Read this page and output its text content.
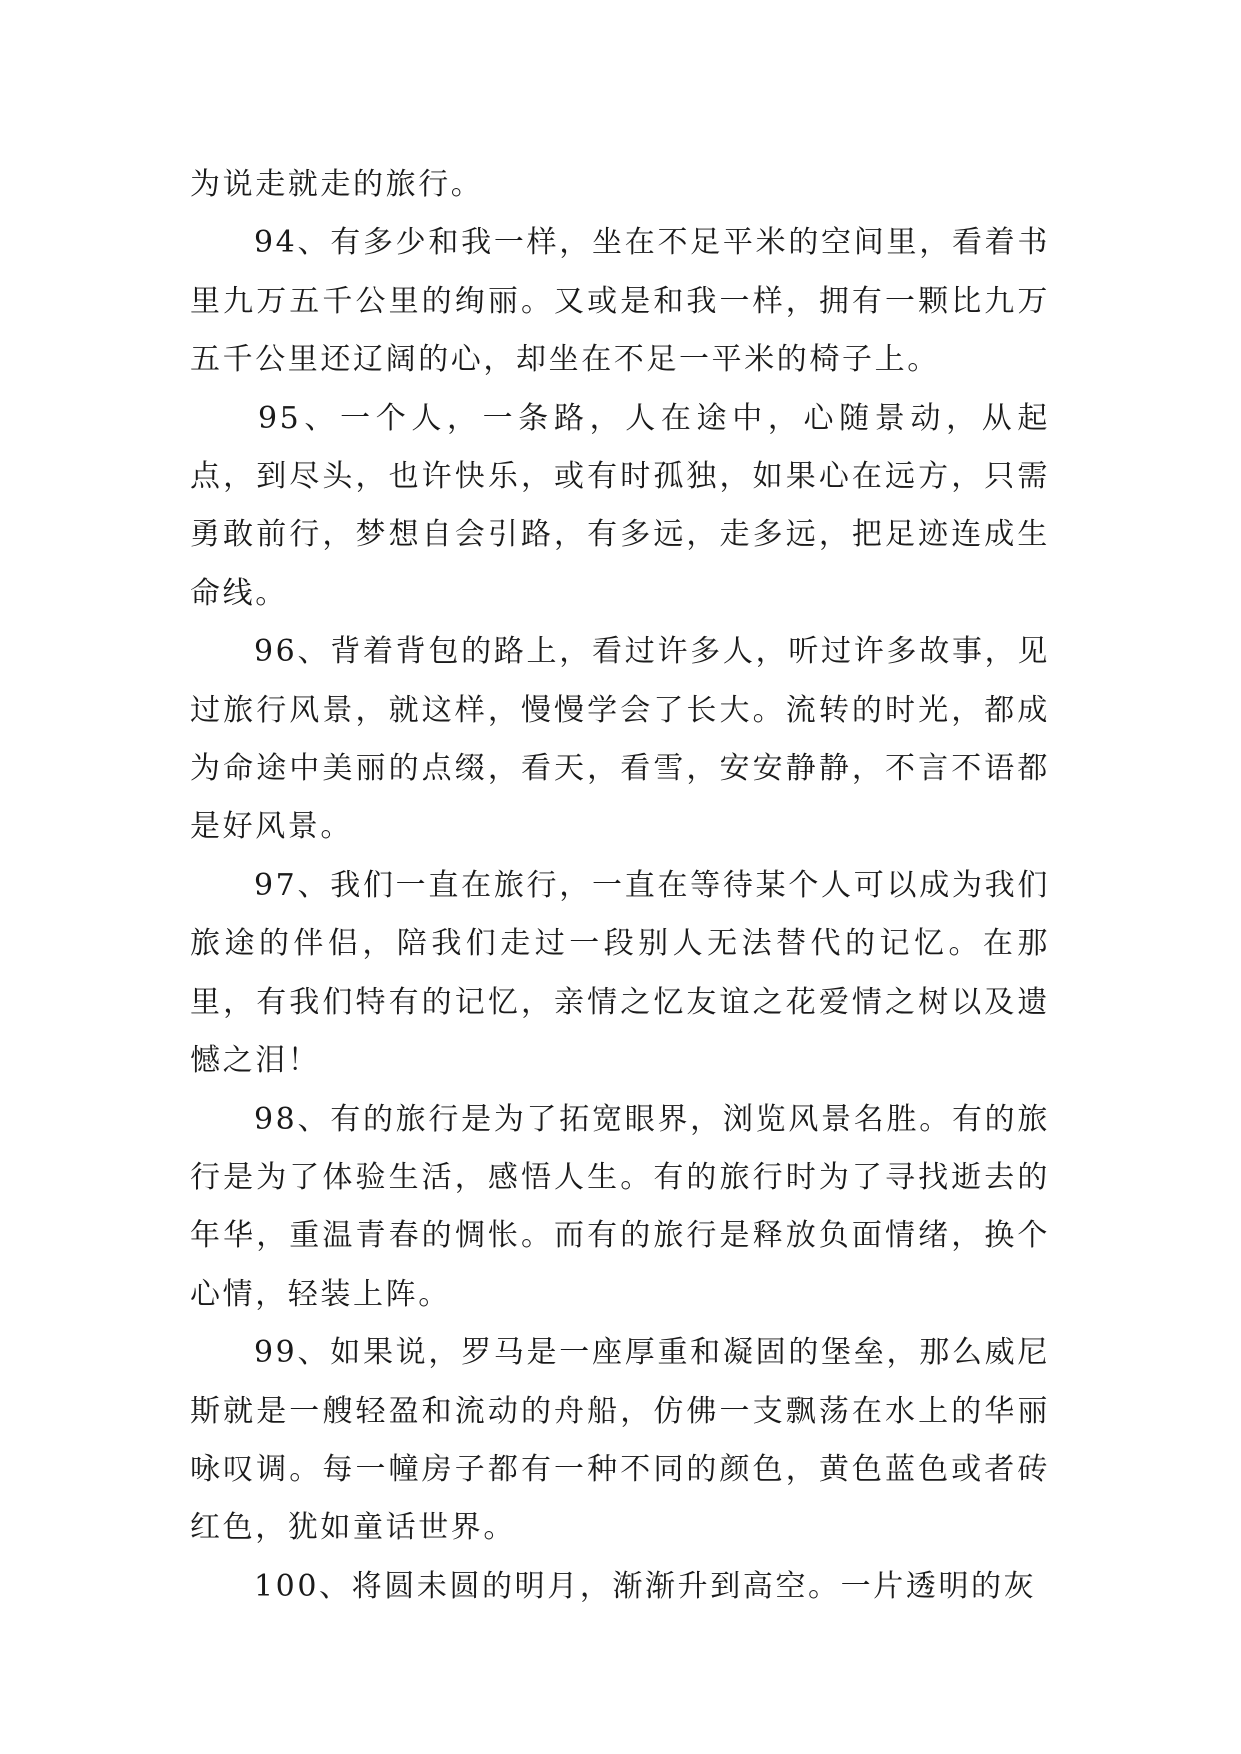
为说走就走的旅行。

94、有多少和我一样，坐在不足平米的空间里，看着书里九万五千公里的绚丽。又或是和我一样，拥有一颗比九万五千公里还辽阔的心，却坐在不足一平米的椅子上。

95、一个人，一条路，人在途中，心随景动，从起点，到尽头，也许快乐，或有时孤独，如果心在远方，只需勇敢前行，梦想自会引路，有多远，走多远，把足迹连成生命线。

96、背着背包的路上，看过许多人，听过许多故事，见过旅行风景，就这样，慢慢学会了长大。流转的时光，都成为命途中美丽的点缀，看天，看雪，安安静静，不言不语都是好风景。

97、我们一直在旅行，一直在等待某个人可以成为我们旅途的伴侣，陪我们走过一段别人无法替代的记忆。在那里，有我们特有的记忆，亲情之忆友谊之花爱情之树以及遗憾之泪！

98、有的旅行是为了拓宽眼界，浏览风景名胜。有的旅行是为了体验生活，感悟人生。有的旅行时为了寻找逝去的年华，重温青春的惆怅。而有的旅行是释放负面情绪，换个心情，轻装上阵。

99、如果说，罗马是一座厚重和凝固的堡垒，那么威尼斯就是一艘轻盈和流动的舟船，仿佛一支飘荡在水上的华丽咏叹调。每一幢房子都有一种不同的颜色，黄色蓝色或者砖红色，犹如童话世界。

100、将圆未圆的明月，渐渐升到高空。一片透明的灰
